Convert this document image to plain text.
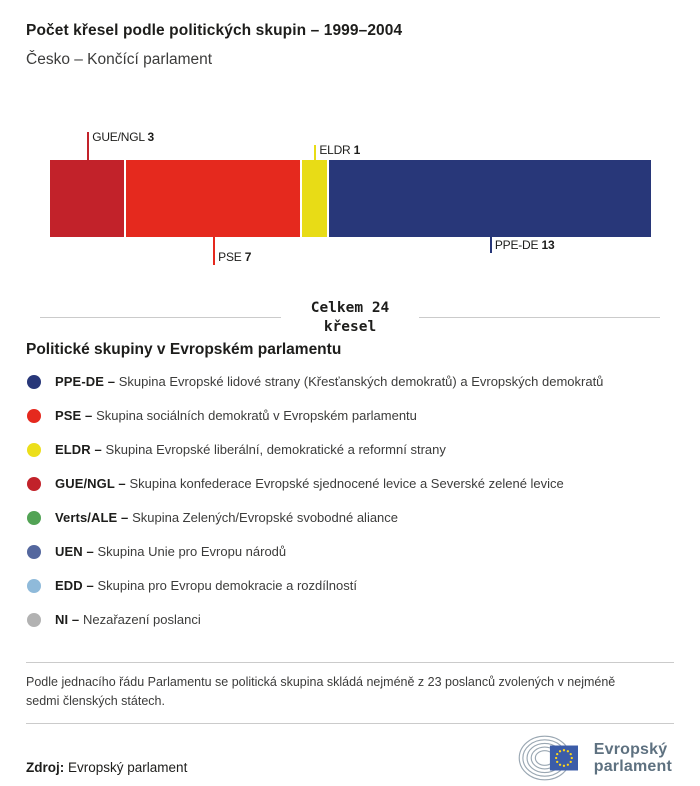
Počet křesel podle politických skupin – 1999–2004
Česko – Končící parlament
GUE/NGL 3
PSE 7
ELDR 1
PPE-DE 13
Celkem 24
křesel
Politické skupiny v Evropském parlamentu
PPE-DE – Skupina Evropské lidové strany (Křesťanských demokratů) a Evropských demokratů
PSE – Skupina sociálních demokratů v Evropském parlamentu
ELDR – Skupina Evropské liberální, demokratické a reformní strany
GUE/NGL – Skupina konfederace Evropské sjednocené levice a Severské zelené levice
Verts/ALE – Skupina Zelených/Evropské svobodné aliance
UEN – Skupina Unie pro Evropu národů
EDD – Skupina pro Evropu demokracie a rozdílností
NI – Nezařazení poslanci

Podle jednacího řádu Parlamentu se politická skupina skládá nejméně z 23 poslanců zvolených v nejméně sedmi členských státech.

Zdroj: Evropský parlament
Evropský
parlament
